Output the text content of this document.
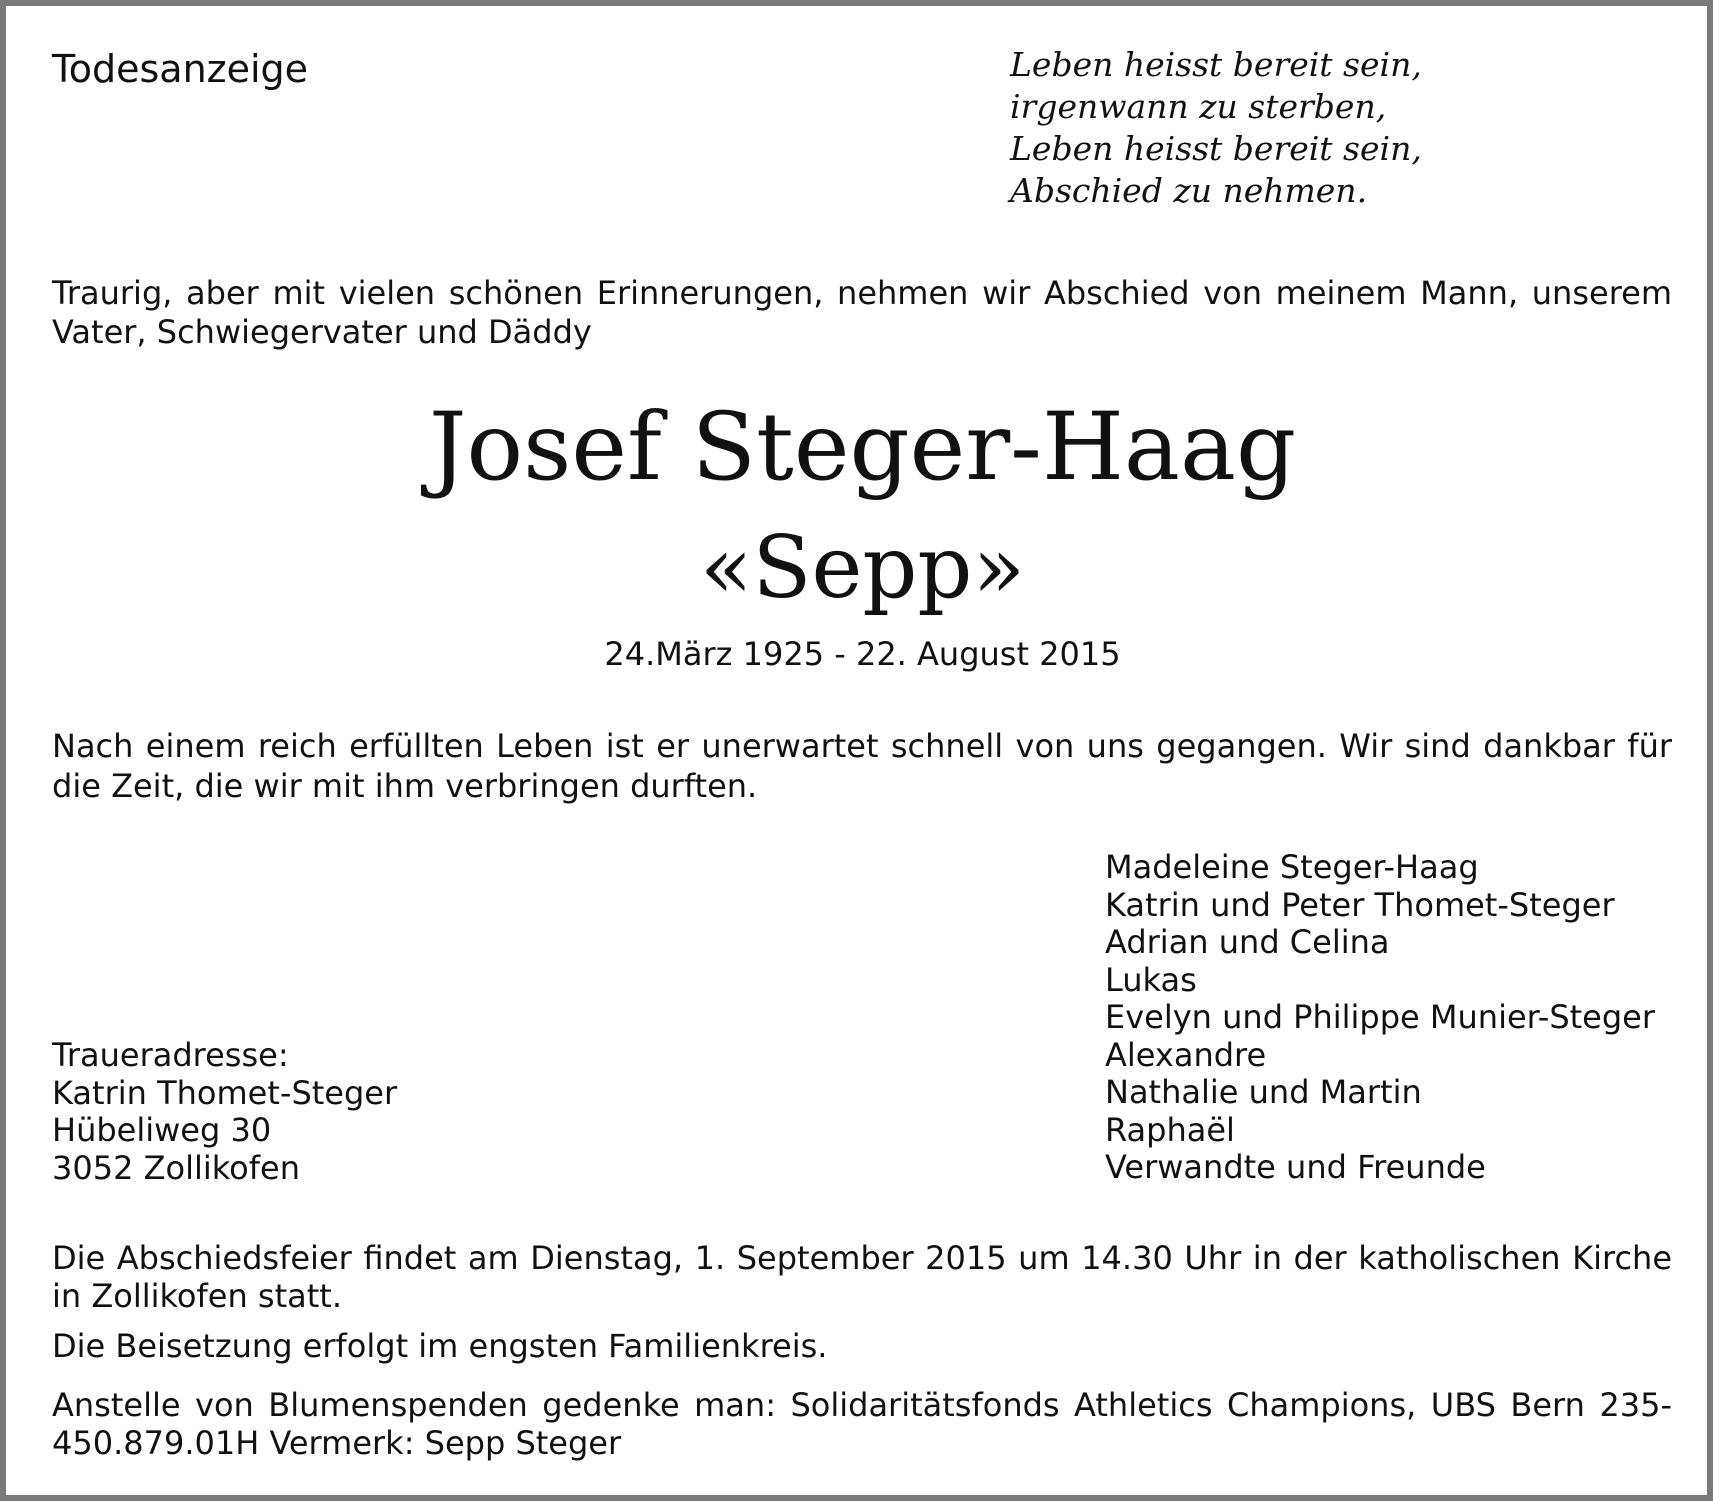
Todesanzeige	Leben heisst bereit sein,
irgenwann zu sterben,
Leben heisst bereit sein,
Abschied zu nehmen.
Traurig, aber mit vielen schönen Erinnerungen, nehmen wir Abschied von meinem Mann, unserem Vater, Schwiegervater und Däddy
Josef Steger-Haag
«Sepp»
24.März 1925 - 22. August 2015
Nach einem reich erfüllten Leben ist er unerwartet schnell von uns gegangen. Wir sind dankbar für die Zeit, die wir mit ihm verbringen durften.
Madeleine Steger-Haag
Katrin und Peter Thomet-Steger
Adrian und Celina
Lukas
Evelyn und Philippe Munier-Steger
Alexandre
Nathalie und Martin
Raphaël
Verwandte und Freunde
Traueradresse:
Katrin Thomet-Steger
Hübeliweg 30
3052 Zollikofen
Die Abschiedsfeier findet am Dienstag, 1. September 2015 um 14.30 Uhr in der katholischen Kirche in Zollikofen statt.
Die Beisetzung erfolgt im engsten Familienkreis.
Anstelle von Blumenspenden gedenke man: Solidaritätsfonds Athletics Champions, UBS Bern 235-450.879.01H Vermerk: Sepp Steger
